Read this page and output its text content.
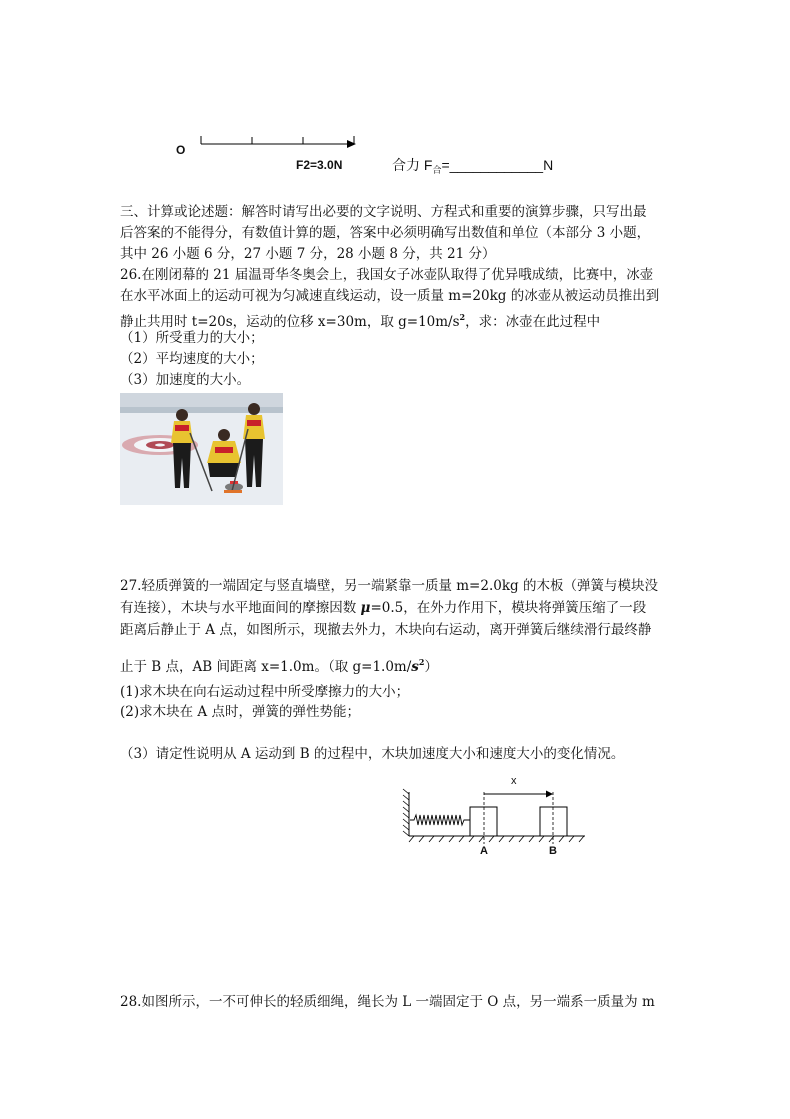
O
F2=3.0N	合力 $F_合=\_\_\_\_\_\_\_\_\_\_\_\_N$
三、计算或论述题：解答时请写出必要的文字说明、方程式和重要的演算步骤，只写出最
后答案的不能得分，有数值计算的题，答案中必须明确写出数值和单位（本部分 3 小题，
其中 26 小题 6 分，27 小题 7 分，28 小题 8 分，共 21 分）
26.在刚闭幕的 21 届温哥华冬奥会上，我国女子冰壶队取得了优异哦成绩，比赛中，冰壶
在水平冰面上的运动可视为匀减速直线运动，设一质量 m=20kg 的冰壶从被运动员推出到
静止共用时 t=20s，运动的位移 x=30m，取 $g=10m/s^2$，求：冰壶在此过程中
（1）所受重力的大小；
（2）平均速度的大小；
（3）加速度的大小。
27.轻质弹簧的一端固定与竖直墙壁，另一端紧靠一质量 m=2.0kg 的木板（弹簧与模块没
有连接），木块与水平地面间的摩擦因数 μ=0.5，在外力作用下，模块将弹簧压缩了一段
距离后静止于 A 点，如图所示，现撤去外力，木块向右运动，离开弹簧后继续滑行最终静
止于 B 点，AB 间距离 x=1.0m。（取 $g=1.0m/s^2$）
(1)求木块在向右运动过程中所受摩擦力的大小；
(2)求木块在 A 点时，弹簧的弹性势能；
（3）请定性说明从 A 运动到 B 的过程中，木块加速度大小和速度大小的变化情况。
x
A	B
28.如图所示，一不可伸长的轻质细绳，绳长为 L 一端固定于 O 点，另一端系一质量为 m
